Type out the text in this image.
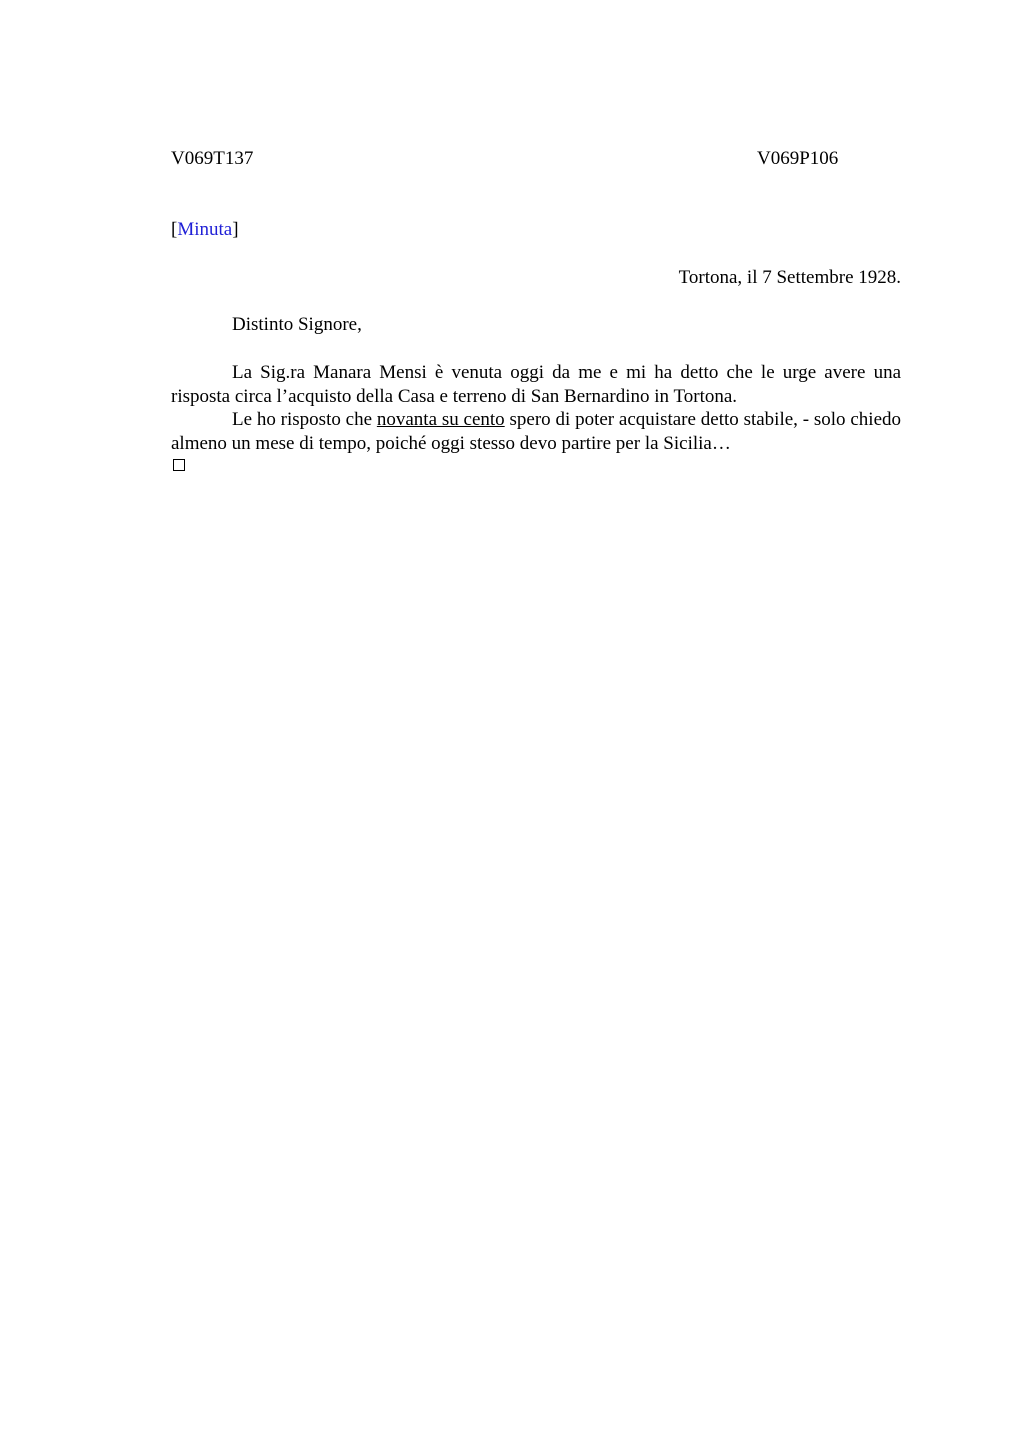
V069T137	V069P106
[Minuta]
Tortona, il 7 Settembre 1928.
Distinto Signore,

La Sig.ra Manara Mensi è venuta oggi da me e mi ha detto che le urge avere una risposta circa l’acquisto della Casa e terreno di San Bernardino in Tortona.

Le ho risposto che novanta su cento spero di poter acquistare detto stabile, - solo chiedo almeno un mese di tempo, poiché oggi stesso devo partire per la Sicilia…
